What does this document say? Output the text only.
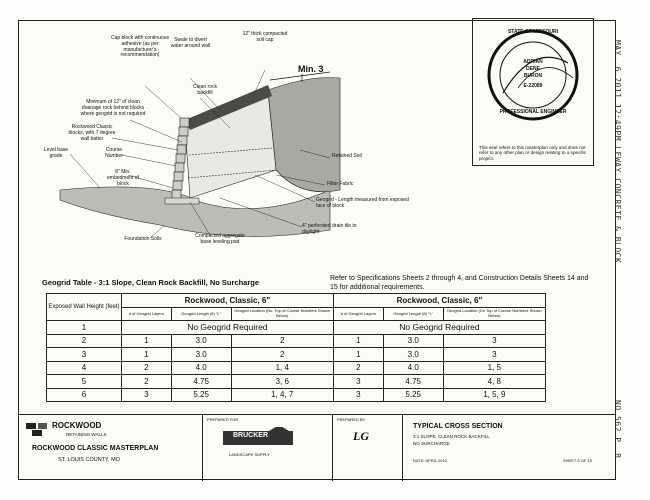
MAY. 6.2011 12:49PM LEWAY CONCRETE & BLOCK
NO.562 P. 8
Cap block with continuous adhesive (as per manufacturer's recommendation)
Swale to divert water around wall
12" thick compacted soil cap
Min. 3
Clean rock backfill
Minimum of 12" of clean drainage rock behind blocks where geogrid is not required
Rockwood Classic blocks, with 7 degree wall batter
Course Number
Level base grade
8" Min. embedment of block
Retained Soil
Filter Fabric
Geogrid - Length measured from exposed face of block
4" perforated drain tile to daylight
Compacted aggregate base leveling pad
Foundation Soils
STATE OF MISSOURI
ADRIAN
DENE
BURON
E-22089
PROFESSIONAL ENGINEER
This seal refers to this masterplan only and does not refer to any other plan or design relating to a specific project.
Geogrid Table - 3:1 Slope, Clean Rock Backfill, No Surcharge	Refer to Specifications Sheets 2 through 4, and Construction Details Sheets 14 and 15 for additional requirements.
Exposed Wall Height (feet)	Rockwood, Classic, 6"			Rockwood, Classic, 6"		
	# of Geogrid Layers	Geogrid Length (ft) "L"	Geogrid Location (No. Top of Course Numbers Shown Below)	# of Geogrid Layers	Geogrid Length (ft) "L"	Geogrid Location (On Top of Course Numbers Shown Below)
1	No Geogrid Required			No Geogrid Required		
2	1	3.0	2	1	3.0	3
3	1	3.0	2	1	3.0	3
4	2	4.0	1, 4	2	4.0	1, 5
5	2	4.75	3, 6	3	4.75	4, 8
6	3	5.25	1, 4, 7	3	5.25	1, 5, 9
ROCKWOOD
RETAINING WALLS
ROCKWOOD CLASSIC MASTERPLAN
ST. LOUIS COUNTY, MO
PREPARED FOR
BRUCKER
LANDSCAPE SUPPLY
PREPARED BY
LG
TYPICAL CROSS SECTION
3:1 SLOPE, CLEAN ROCK BACKFILL
NO SURCHARGE
DATE: APRIL 2010	SHEET 5 OF 15
